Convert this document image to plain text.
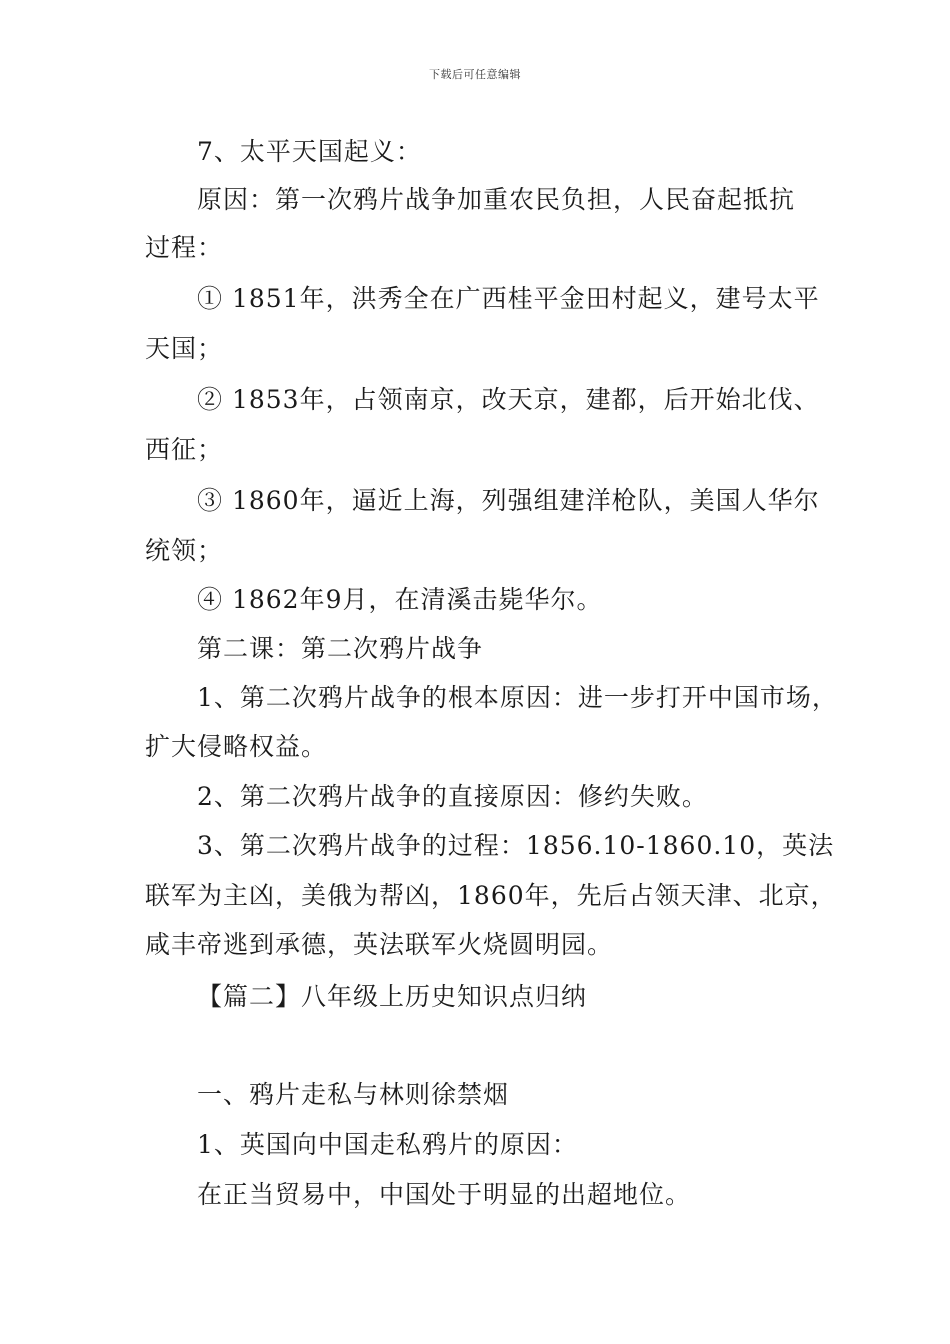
下载后可任意编辑
7、太平天国起义：
原因：第一次鸦片战争加重农民负担，人民奋起抵抗
过程：
① 1851年，洪秀全在广西桂平金田村起义，建号太平
天国；
② 1853年，占领南京，改天京，建都，后开始北伐、
西征；
③ 1860年，逼近上海，列强组建洋枪队，美国人华尔
统领；
④ 1862年9月，在清溪击毙华尔。
第二课：第二次鸦片战争
1、第二次鸦片战争的根本原因：进一步打开中国市场，
扩大侵略权益。
2、第二次鸦片战争的直接原因：修约失败。
3、第二次鸦片战争的过程：1856.10-1860.10，英法
联军为主凶，美俄为帮凶，1860年，先后占领天津、北京，
咸丰帝逃到承德，英法联军火烧圆明园。
【篇二】八年级上历史知识点归纳
一、鸦片走私与林则徐禁烟
1、英国向中国走私鸦片的原因：
在正当贸易中，中国处于明显的出超地位。
